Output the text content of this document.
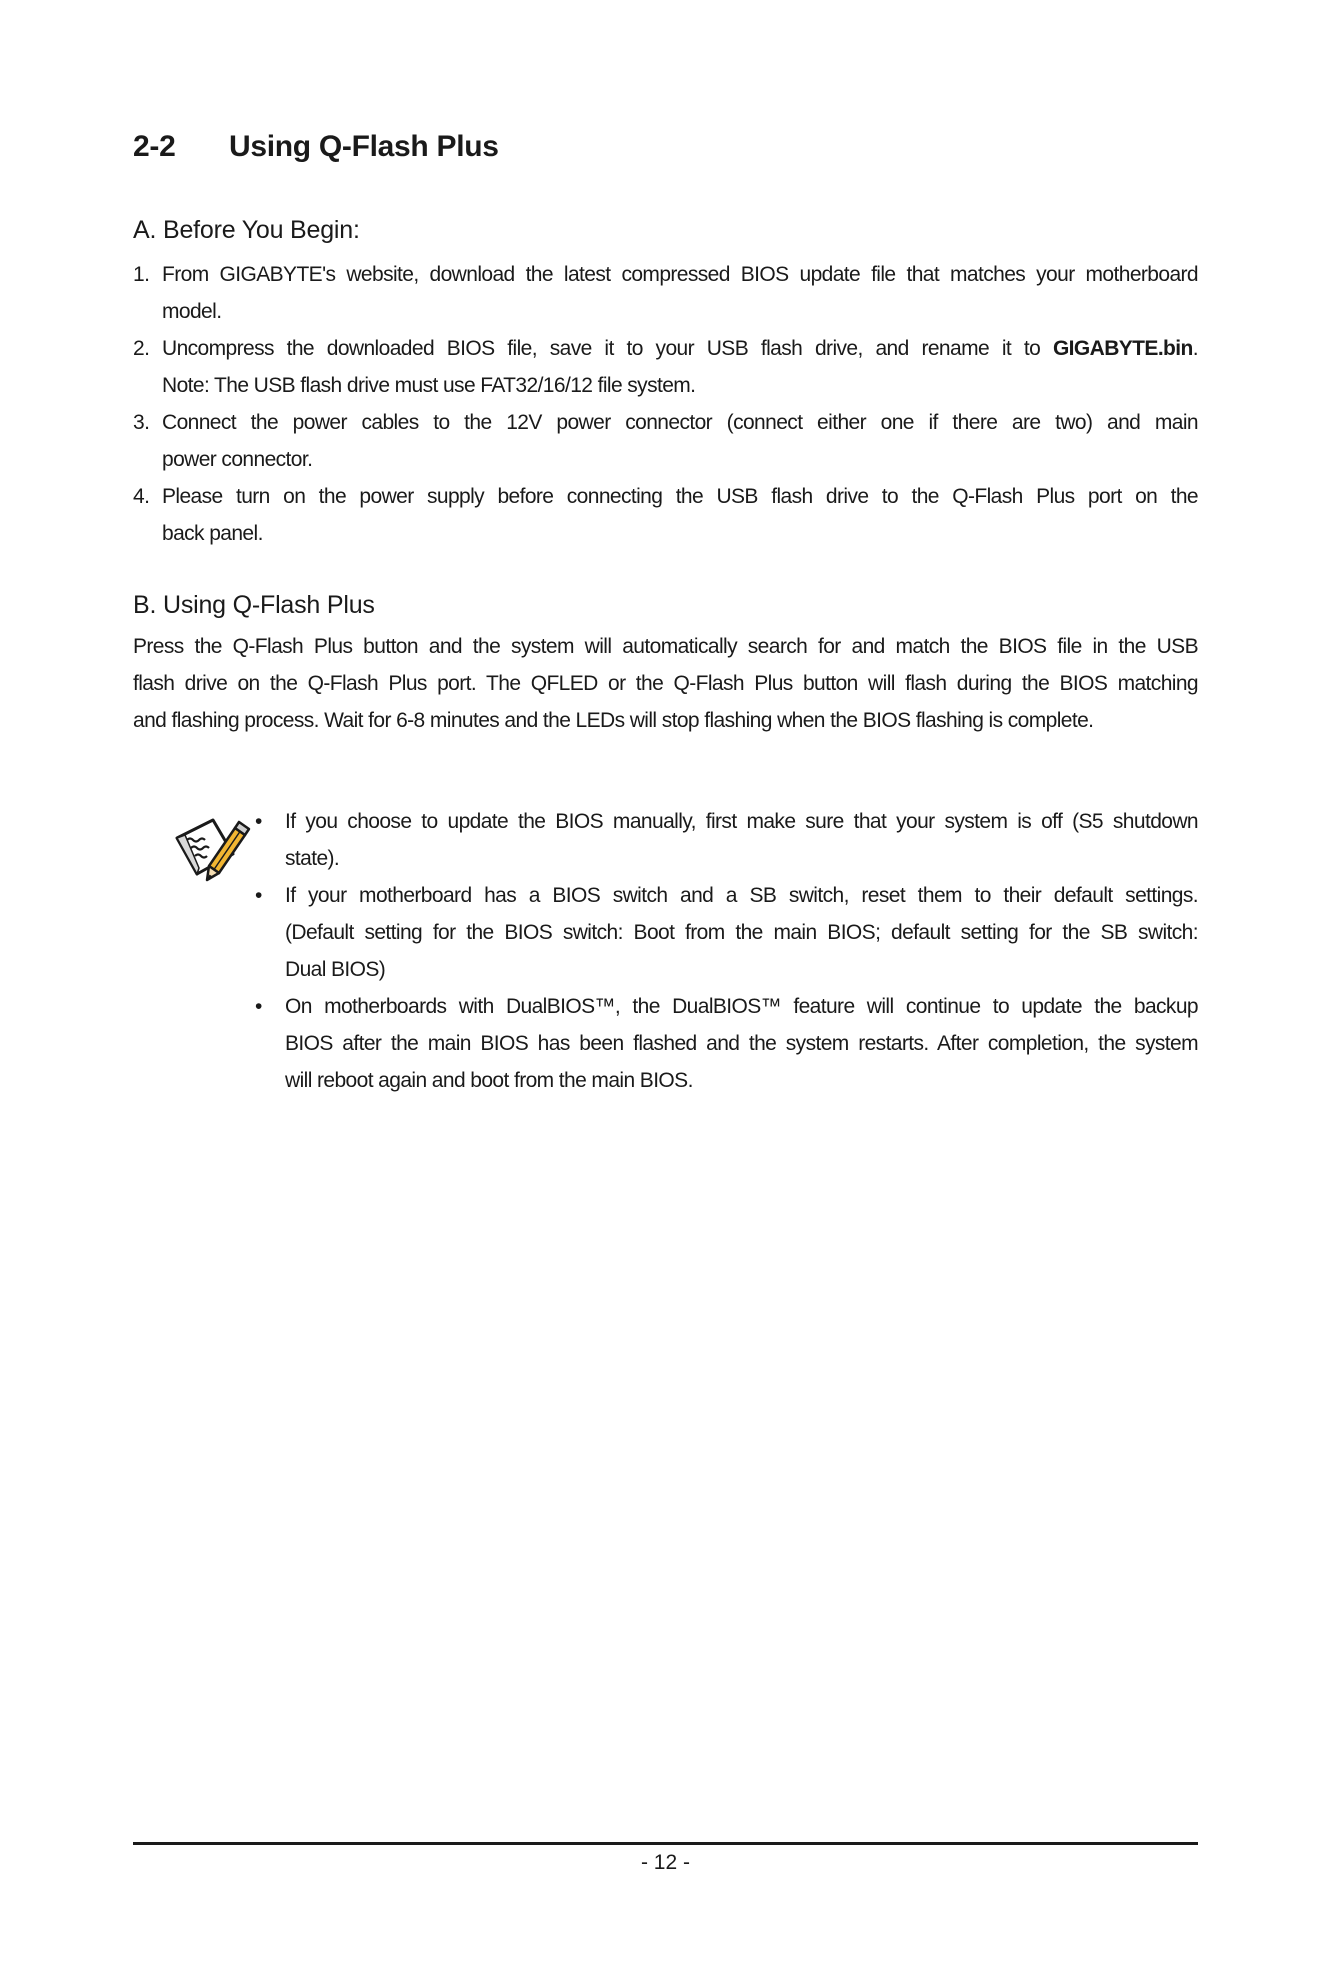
2-2	Using Q-Flash Plus
A. Before You Begin:
1. From GIGABYTE's website, download the latest compressed BIOS update file that matches your motherboard
model.
2. Uncompress the downloaded BIOS file, save it to your USB flash drive, and rename it to GIGABYTE.bin.
Note: The USB flash drive must use FAT32/16/12 file system.
3. Connect the power cables to the 12V power connector (connect either one if there are two) and main
power connector.
4. Please turn on the power supply before connecting the USB flash drive to the Q-Flash Plus port on the
back panel.
B. Using Q-Flash Plus

Press the Q-Flash Plus button and the system will automatically search for and match the BIOS file in the USB
flash drive on the Q-Flash Plus port. The QFLED or the Q-Flash Plus button will flash during the BIOS matching
and flashing process. Wait for 6-8 minutes and the LEDs will stop flashing when the BIOS flashing is complete.

• If you choose to update the BIOS manually, first make sure that your system is off (S5 shutdown
state).
• If your motherboard has a BIOS switch and a SB switch, reset them to their default settings.
(Default setting for the BIOS switch: Boot from the main BIOS; default setting for the SB switch:
Dual BIOS)
• On motherboards with DualBIOS™, the DualBIOS™ feature will continue to update the backup
BIOS after the main BIOS has been flashed and the system restarts. After completion, the system
will reboot again and boot from the main BIOS.
- 12 -
